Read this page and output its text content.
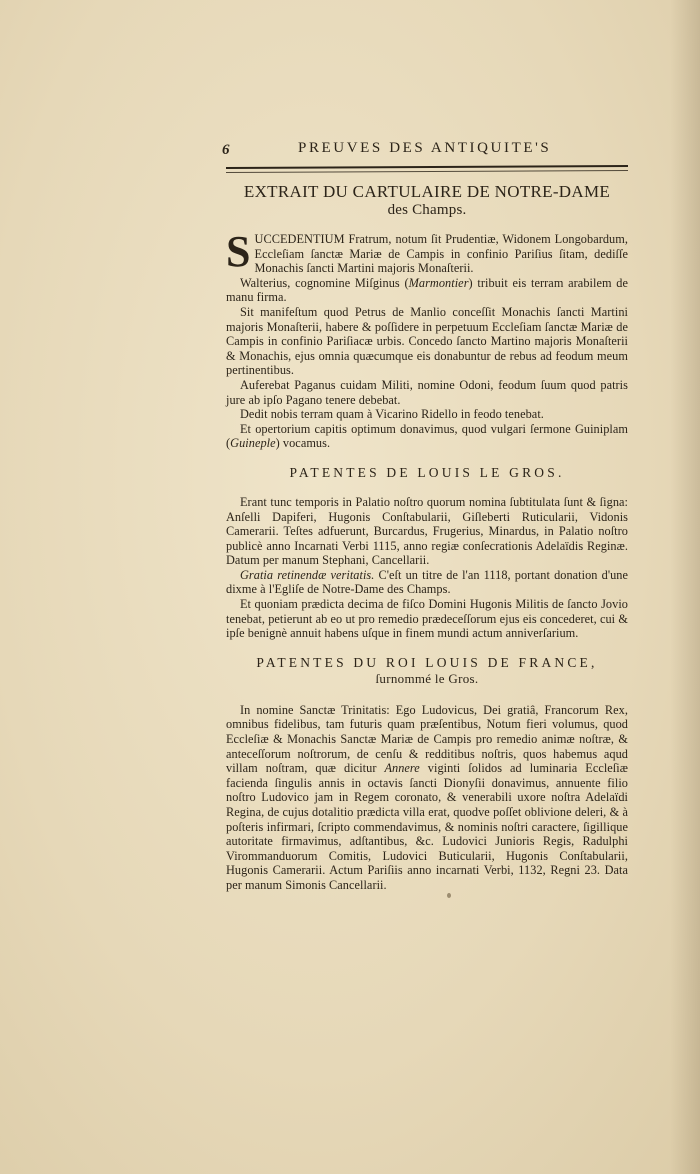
6	PREUVES DES ANTIQUITE'S
EXTRAIT DU CARTULAIRE DE NOTRE-DAME
des Champs.

SUCCEDENTIUM Fratrum, notum ſit Prudentiæ, Widonem Longobardum, Eccleſiam ſanctæ Mariæ de Campis in confinio Pariſius ſitam, dediſſe Monachis ſancti Martini majoris Monaſterii.

Walterius, cognomine Miſginus (Marmontier) tribuit eis terram arabilem de manu firma.

Sit manifeſtum quod Petrus de Manlio conceſſit Monachis ſancti Martini majoris Monaſterii, habere & poſſidere in perpetuum Eccleſiam ſanctæ Mariæ de Campis in confinio Pariſiacæ urbis. Concedo ſancto Martino majoris Monaſterii & Monachis, ejus omnia quæcumque eis donabuntur de rebus ad feodum meum pertinentibus.

Auferebat Paganus cuidam Militi, nomine Odoni, feodum ſuum quod patris jure ab ipſo Pagano tenere debebat.

Dedit nobis terram quam à Vicarino Ridello in feodo tenebat.

Et opertorium capitis optimum donavimus, quod vulgari ſermone Guiniplam (Guineple) vocamus.

PATENTES DE LOUIS LE GROS.

Erant tunc temporis in Palatio noſtro quorum nomina ſubtitulata ſunt & ſigna: Anſelli Dapiferi, Hugonis Conſtabularii, Giſleberti Ruticularii, Vidonis Camerarii. Teſtes adfuerunt, Burcardus, Frugerius, Minardus, in Palatio noſtro publicè anno Incarnati Verbi 1115, anno regiæ conſecrationis Adelaïdis Reginæ. Datum per manum Stephani, Cancellarii.

Gratia retinendæ veritatis. C'eſt un titre de l'an 1118, portant donation d'une dixme à l'Egliſe de Notre-Dame des Champs.

Et quoniam prædicta decima de fiſco Domini Hugonis Militis de ſancto Jovio tenebat, petierunt ab eo ut pro remedio prædeceſſorum ejus eis concederet, cui & ipſe benignè annuit habens uſque in finem mundi actum anniverſarium.

PATENTES DU ROI LOUIS DE FRANCE,
ſurnommé le Gros.

In nomine Sanctæ Trinitatis: Ego Ludovicus, Dei gratiâ, Francorum Rex, omnibus fidelibus, tam futuris quam præſentibus, Notum fieri volumus, quod Eccleſiæ & Monachis Sanctæ Mariæ de Campis pro remedio animæ noſtræ, & anteceſſorum noſtrorum, de cenſu & redditibus noſtris, quos habemus aqud villam noſtram, quæ dicitur Annere viginti ſolidos ad luminaria Eccleſiæ facienda ſingulis annis in octavis ſancti Dionyſii donavimus, annuente filio noſtro Ludovico jam in Regem coronato, & venerabili uxore noſtra Adelaïdi Regina, de cujus dotalitio prædicta villa erat, quodve poſſet oblivione deleri, & à poſteris infirmari, ſcripto commendavimus, & nominis noſtri caractere, ſigillique autoritate firmavimus, adſtantibus, &c. Ludovici Junioris Regis, Radulphi Virommanduorum Comitis, Ludovici Buticularii, Hugonis Conſtabularii, Hugonis Camerarii. Actum Pariſiis anno incarnati Verbi, 1132, Regni 23. Data per manum Simonis Cancellarii.
